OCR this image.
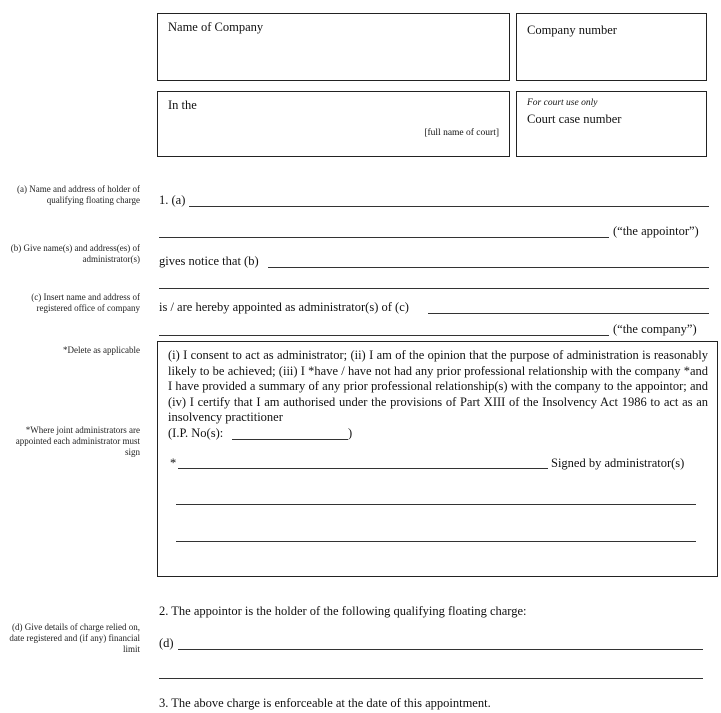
Name of Company	Company number
In the
[full name of court]
For court use only
Court case number
(a) Name and address of holder of qualifying floating charge
(b) Give name(s) and address(es) of administrator(s)
(c) Insert name and address of registered office of company
*Delete as applicable
*Where joint administrators are appointed each administrator must sign
(d) Give details of charge relied on, date registered and (if any) financial limit
1. (a)
(“the appointor”)
gives notice that (b)
is / are hereby appointed as administrator(s) of (c)
(“the company”)
(i) I consent to act as administrator; (ii) I am of the opinion that the purpose of administration is reasonably likely to be achieved; (iii) I *have / have not had any prior professional relationship with the company *and I have provided a summary of any prior professional relationship(s) with the company to the appointor; and (iv) I certify that I am authorised under the provisions of Part XIII of the Insolvency Act 1986 to act as an insolvency practitioner
(I.P. No(s):	)
*	Signed by administrator(s)
2. The appointor is the holder of the following qualifying floating charge:
(d)
3. The above charge is enforceable at the date of this appointment.
